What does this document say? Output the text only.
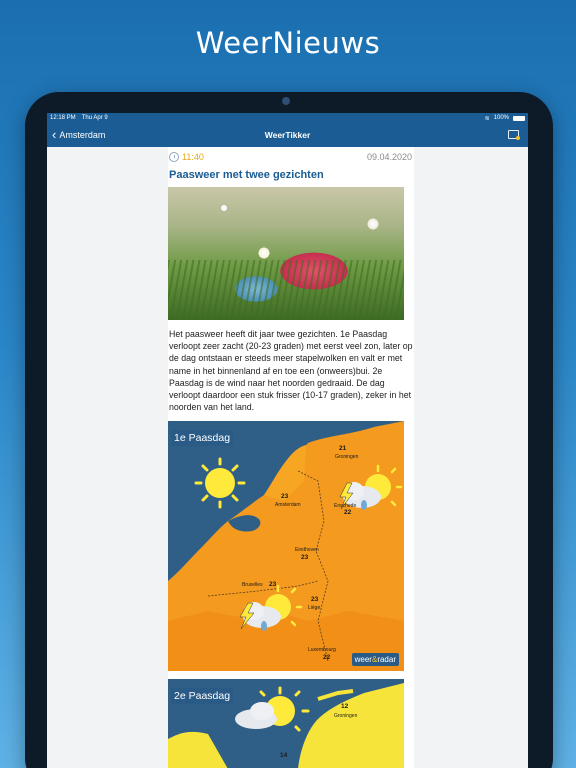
WeerNieuws
12:18 PM Thu Apr 9	≋ 100%
‹ Amsterdam	WeerTikker
11:40	09.04.2020
Paasweer met twee gezichten
Het paasweer heeft dit jaar twee gezichten. 1e Paasdag verloopt zeer zacht (20-23 graden) met eerst veel zon, later op de dag ontstaan er steeds meer stapelwolken en valt er met name in het binnenland af en toe een (onweers)bui. 2e Paasdag is de wind naar het noorden gedraaid. De dag verloopt daardoor een stuk frisser (10-17 graden), zeker in het noorden van het land.
1e Paasdag
21
Groningen
23
Amsterdam
22
Enschede
23
Eindhoven
23
Bruxelles
23
Liège
22
Luxembourg
weer&radar
2e Paasdag
12
Groningen
14
